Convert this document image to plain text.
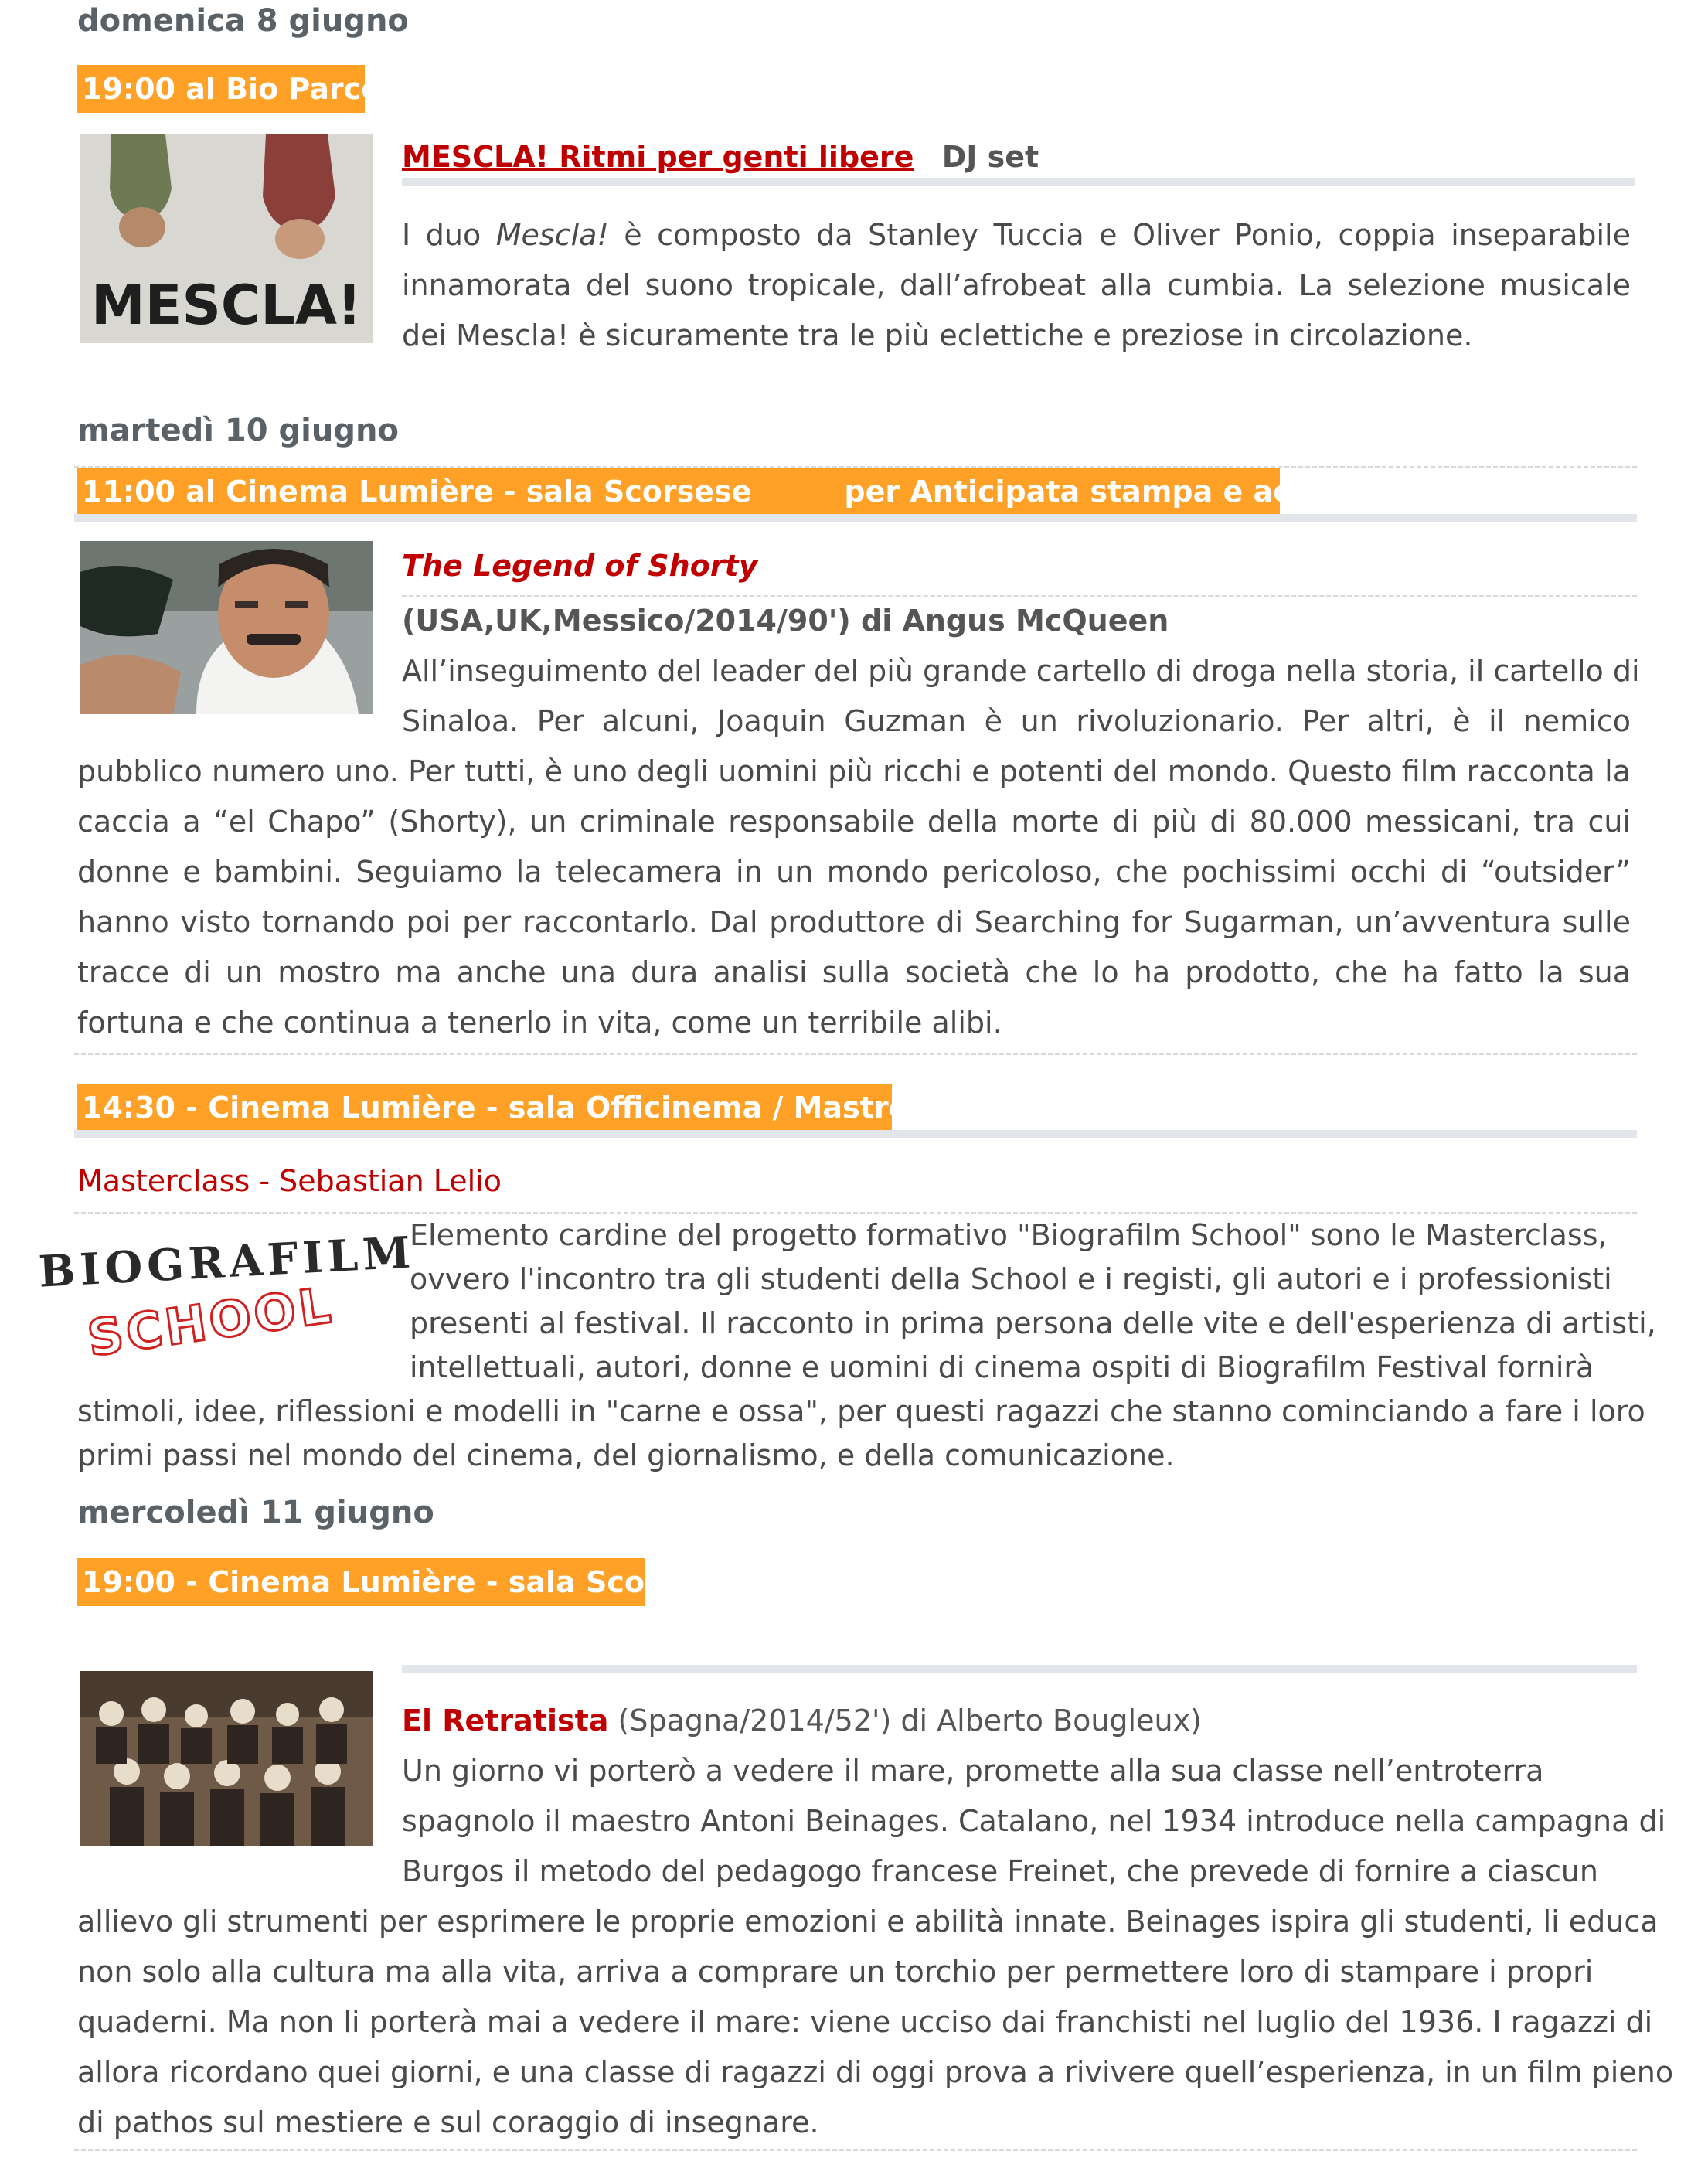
domenica 8 giugno
19:00 al Bio Parco
MESCLA!
MESCLA! Ritmi per genti libere DJ set
I duo Mescla! è composto da Stanley Tuccia e Oliver Ponio, coppia inseparabile innamorata del suono tropicale, dall’afrobeat alla cumbia. La selezione musicale dei Mescla! è sicuramente tra le più eclettiche e preziose in circolazione.
martedì 10 giugno
11:00 al Cinema Lumière - sala Scorsese	per Anticipata stampa e accreditati
The Legend of Shorty
(USA,UK,Messico/2014/90') di Angus McQueen
All’inseguimento del leader del più grande cartello di droga nella storia, il cartello di
Sinaloa. Per alcuni, Joaquin Guzman è un rivoluzionario. Per altri, è il nemico
pubblico numero uno. Per tutti, è uno degli uomini più ricchi e potenti del mondo. Questo film racconta la caccia a “el Chapo” (Shorty), un criminale responsabile della morte di più di 80.000 messicani, tra cui donne e bambini. Seguiamo la telecamera in un mondo pericoloso, che pochissimi occhi di “outsider” hanno visto tornando poi per raccontarlo. Dal produttore di Searching for Sugarman, un’avventura sulle tracce di un mostro ma anche una dura analisi sulla società che lo ha prodotto, che ha fatto la sua fortuna e che continua a tenerlo in vita, come un terribile alibi.
14:30 - Cinema Lumière - sala Officinema / Mastroianni
Masterclass - Sebastian Lelio
BIOGRAFILM
SCHOOL
Elemento cardine del progetto formativo "Biografilm School" sono le Masterclass,
ovvero l'incontro tra gli studenti della School e i registi, gli autori e i professionisti
presenti al festival. Il racconto in prima persona delle vite e dell'esperienza di artisti,
intellettuali, autori, donne e uomini di cinema ospiti di Biografilm Festival fornirà
stimoli, idee, riflessioni e modelli in "carne e ossa", per questi ragazzi che stanno cominciando a fare i loro
primi passi nel mondo del cinema, del giornalismo, e della comunicazione.
mercoledì 11 giugno
19:00 - Cinema Lumière - sala Scorsese
El Retratista (Spagna/2014/52') di Alberto Bougleux)
Un giorno vi porterò a vedere il mare, promette alla sua classe nell’entroterra
spagnolo il maestro Antoni Beinages. Catalano, nel 1934 introduce nella campagna di
Burgos il metodo del pedagogo francese Freinet, che prevede di fornire a ciascun
allievo gli strumenti per esprimere le proprie emozioni e abilità innate. Beinages ispira gli studenti, li educa
non solo alla cultura ma alla vita, arriva a comprare un torchio per permettere loro di stampare i propri
quaderni. Ma non li porterà mai a vedere il mare: viene ucciso dai franchisti nel luglio del 1936. I ragazzi di
allora ricordano quei giorni, e una classe di ragazzi di oggi prova a rivivere quell’esperienza, in un film pieno
di pathos sul mestiere e sul coraggio di insegnare.
